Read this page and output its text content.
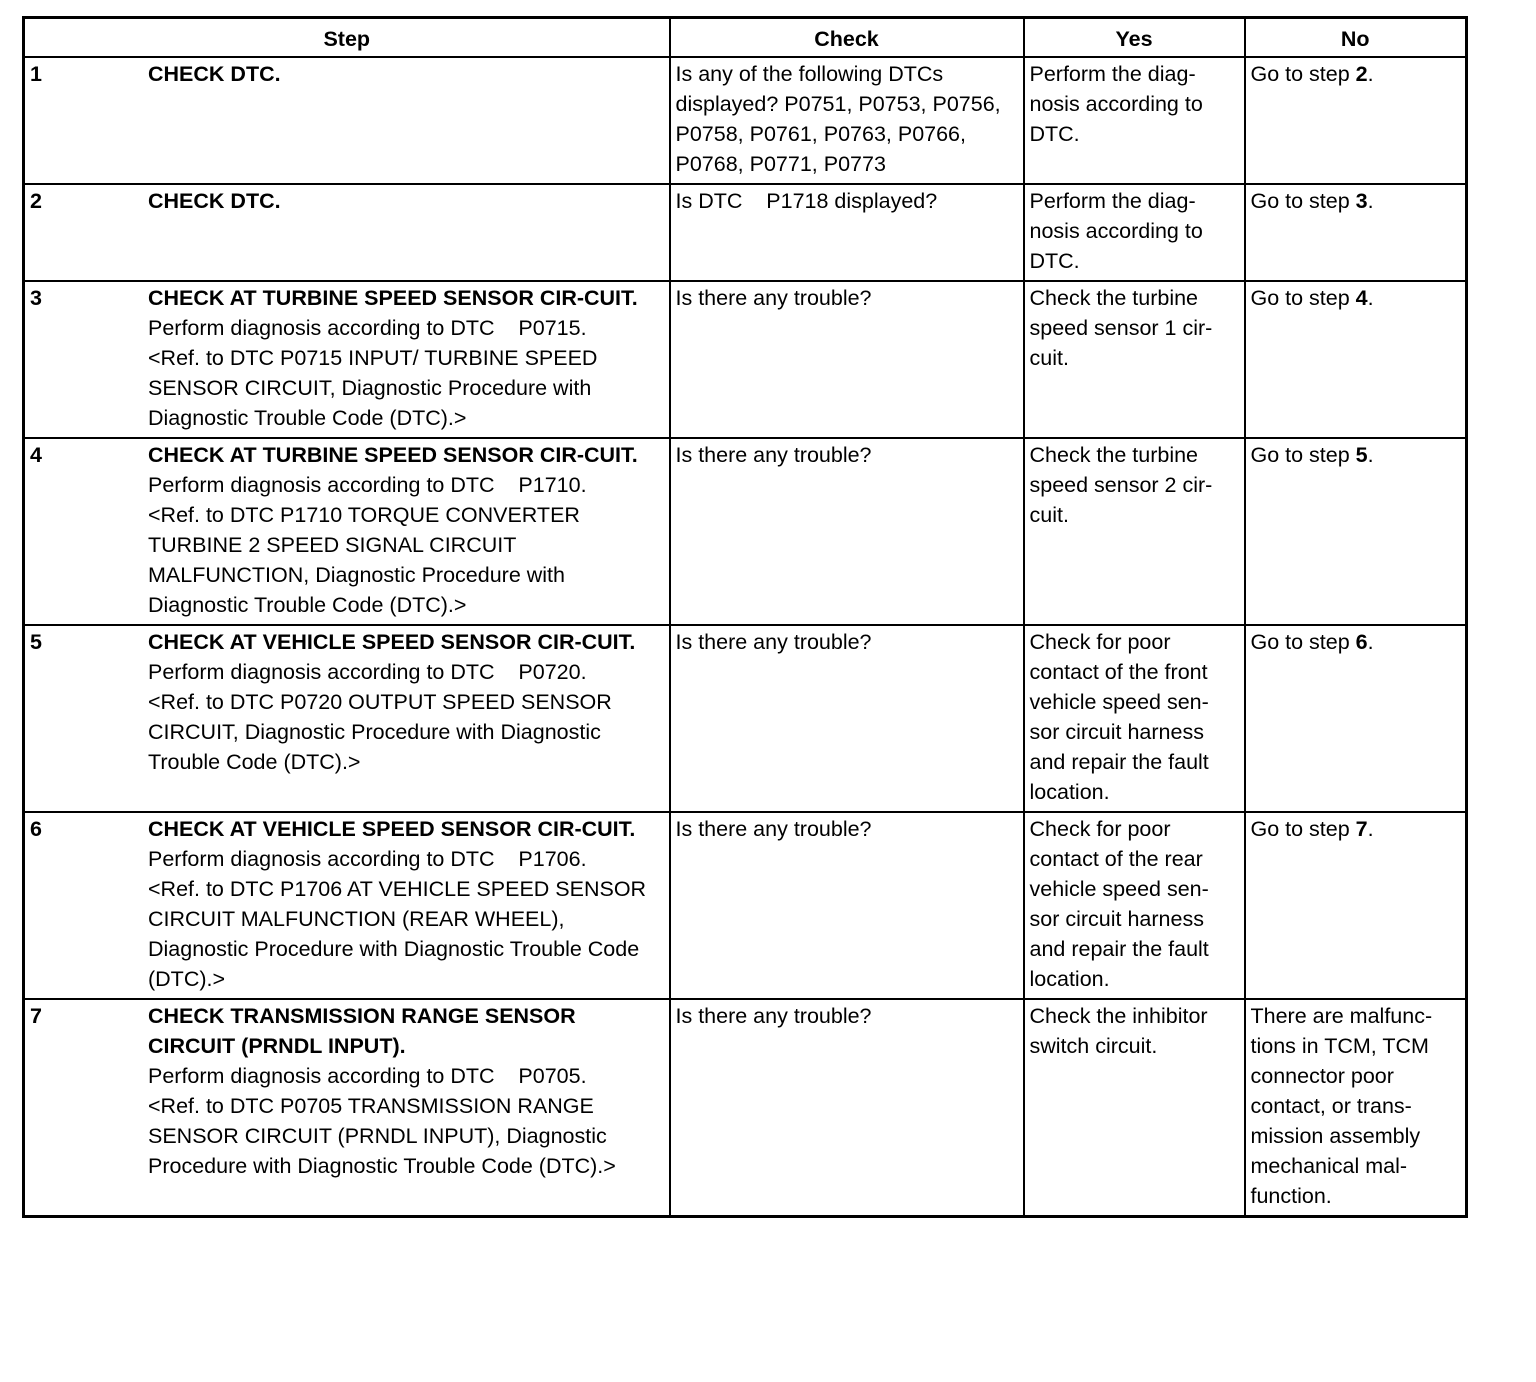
Step	Check	Yes	No

1 CHECK DTC.	Is any of the following DTCs displayed? P0751, P0753, P0756, P0758, P0761, P0763, P0766, P0768, P0771, P0773	Perform the diag-nosis according to DTC.	Go to step 2.

2 CHECK DTC.	Is DTC    P1718 displayed?	Perform the diag-nosis according to DTC.	Go to step 3.

3 CHECK AT TURBINE SPEED SENSOR CIR-CUIT.
Perform diagnosis according to DTC    P0715.
<Ref. to DTC P0715 INPUT/ TURBINE SPEED SENSOR CIRCUIT, Diagnostic Procedure with Diagnostic Trouble Code (DTC).>	Is there any trouble?	Check the turbine speed sensor 1 cir-cuit.	Go to step 4.

4 CHECK AT TURBINE SPEED SENSOR CIR-CUIT.
Perform diagnosis according to DTC    P1710.
<Ref. to DTC P1710 TORQUE CONVERTER TURBINE 2 SPEED SIGNAL CIRCUIT MALFUNCTION, Diagnostic Procedure with Diagnostic Trouble Code (DTC).>	Is there any trouble?	Check the turbine speed sensor 2 cir-cuit.	Go to step 5.

5 CHECK AT VEHICLE SPEED SENSOR CIR-CUIT.
Perform diagnosis according to DTC    P0720.
<Ref. to DTC P0720 OUTPUT SPEED SENSOR CIRCUIT, Diagnostic Procedure with Diagnostic Trouble Code (DTC).>	Is there any trouble?	Check for poor contact of the front vehicle speed sen-sor circuit harness and repair the fault location.	Go to step 6.

6 CHECK AT VEHICLE SPEED SENSOR CIR-CUIT.
Perform diagnosis according to DTC    P1706.
<Ref. to DTC P1706 AT VEHICLE SPEED SENSOR CIRCUIT MALFUNCTION (REAR WHEEL), Diagnostic Procedure with Diagnostic Trouble Code (DTC).>	Is there any trouble?	Check for poor contact of the rear vehicle speed sen-sor circuit harness and repair the fault location.	Go to step 7.

7 CHECK TRANSMISSION RANGE SENSOR CIRCUIT (PRNDL INPUT).
Perform diagnosis according to DTC    P0705.
<Ref. to DTC P0705 TRANSMISSION RANGE SENSOR CIRCUIT (PRNDL INPUT), Diagnostic Procedure with Diagnostic Trouble Code (DTC).>	Is there any trouble?	Check the inhibitor switch circuit.	There are malfunc-tions in TCM, TCM connector poor contact, or trans-mission assembly mechanical mal-function.
